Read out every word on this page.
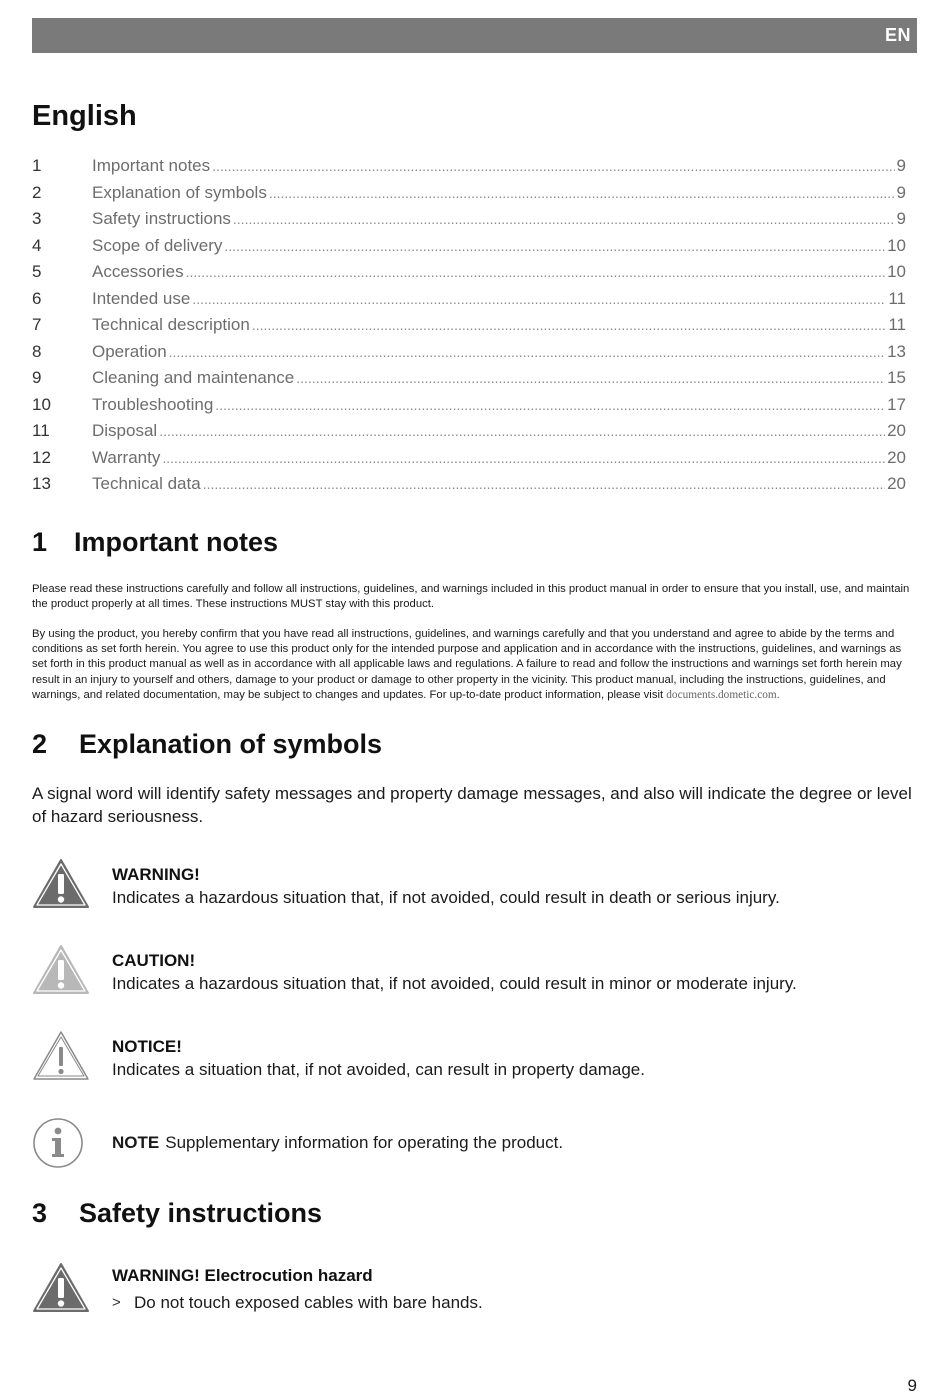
EN
English
1	Important notes .....	9
2	Explanation of symbols .....	9
3	Safety instructions .....	9
4	Scope of delivery .....	10
5	Accessories .....	10
6	Intended use .....	11
7	Technical description .....	11
8	Operation .....	13
9	Cleaning and maintenance .....	15
10	Troubleshooting .....	17
11	Disposal .....	20
12	Warranty .....	20
13	Technical data .....	20
1 Important notes

Please read these instructions carefully and follow all instructions, guidelines, and warnings included in this product manual in order to ensure that you install, use, and maintain the product properly at all times. These instructions MUST stay with this product.

By using the product, you hereby confirm that you have read all instructions, guidelines, and warnings carefully and that you understand and agree to abide by the terms and conditions as set forth herein. You agree to use this product only for the intended purpose and application and in accordance with the instructions, guidelines, and warnings as set forth in this product manual as well as in accordance with all applicable laws and regulations. A failure to read and follow the instructions and warnings set forth herein may result in an injury to yourself and others, damage to your product or damage to other property in the vicinity. This product manual, including the instructions, guidelines, and warnings, and related documentation, may be subject to changes and updates. For up-to-date product information, please visit documents.dometic.com.

2 Explanation of symbols

A signal word will identify safety messages and property damage messages, and also will indicate the degree or level of hazard seriousness.

WARNING!

Indicates a hazardous situation that, if not avoided, could result in death or serious injury.

CAUTION!

Indicates a hazardous situation that, if not avoided, could result in minor or moderate injury.

NOTICE!

Indicates a situation that, if not avoided, can result in property damage.

NOTE Supplementary information for operating the product.
3 Safety instructions

WARNING! Electrocution hazard

> Do not touch exposed cables with bare hands.
9
